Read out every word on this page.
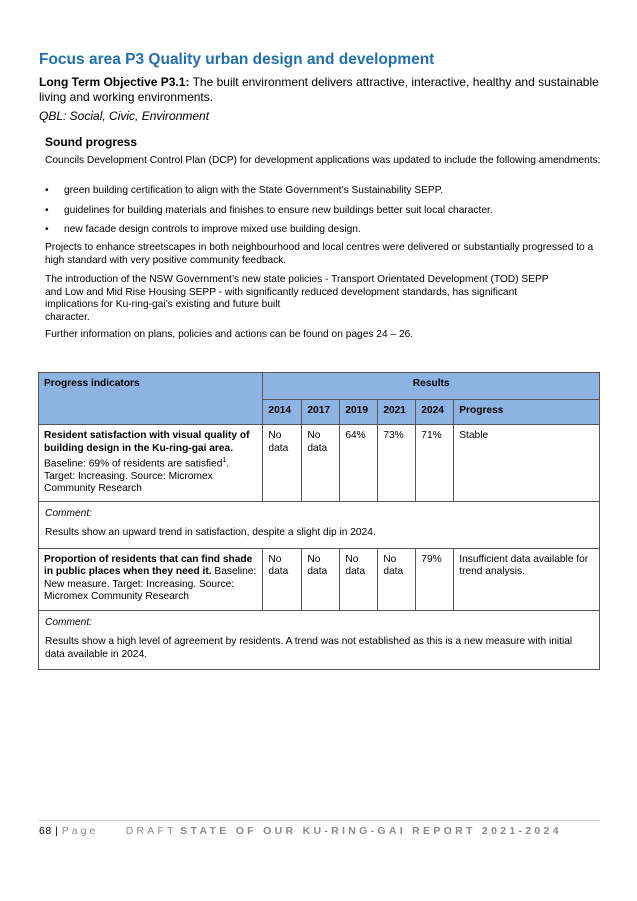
Focus area P3 Quality urban design and development
Long Term Objective P3.1: The built environment delivers attractive, interactive, healthy and sustainable living and working environments.
QBL: Social, Civic, Environment
Sound progress
Councils Development Control Plan (DCP) for development applications was updated to include the following amendments:
• green building certification to align with the State Government’s Sustainability SEPP.
• guidelines for building materials and finishes to ensure new buildings better suit local character.
• new facade design controls to improve mixed use building design.
Projects to enhance streetscapes in both neighbourhood and local centres were delivered or substantially progressed to a high standard with very positive community feedback.
The introduction of the NSW Government’s new state policies - Transport Orientated Development (TOD) SEPP
and Low and Mid Rise Housing SEPP - with significantly reduced development standards, has significant
implications for Ku-ring-gai’s existing and future built
character.
Further information on plans, policies and actions can be found on pages 24 – 26.
Progress indicators	Results					
	2014	2017	2019	2021	2024	Progress
Resident satisfaction with visual quality of building design in the Ku-ring-gai area. Baseline: 69% of residents are satisfied$^1$. Target: Increasing. Source: Micromex Community Research	No data	No data	64%	73%	71%	Stable

Comment:
Results show an upward trend in satisfaction, despite a slight dip in 2024.						
Proportion of residents that can find shade in public places when they need it. Baseline: New measure. Target: Increasing. Source: Micromex Community Research	No data	No data	No data	No data	79%	Insufficient data available for trend analysis.

Comment:
Results show a high level of agreement by residents. A trend was not established as this is a new measure with initial data available in 2024.						
68 | Page	DRAFT STATE OF OUR KU-RING-GAI REPORT 2021-2024
